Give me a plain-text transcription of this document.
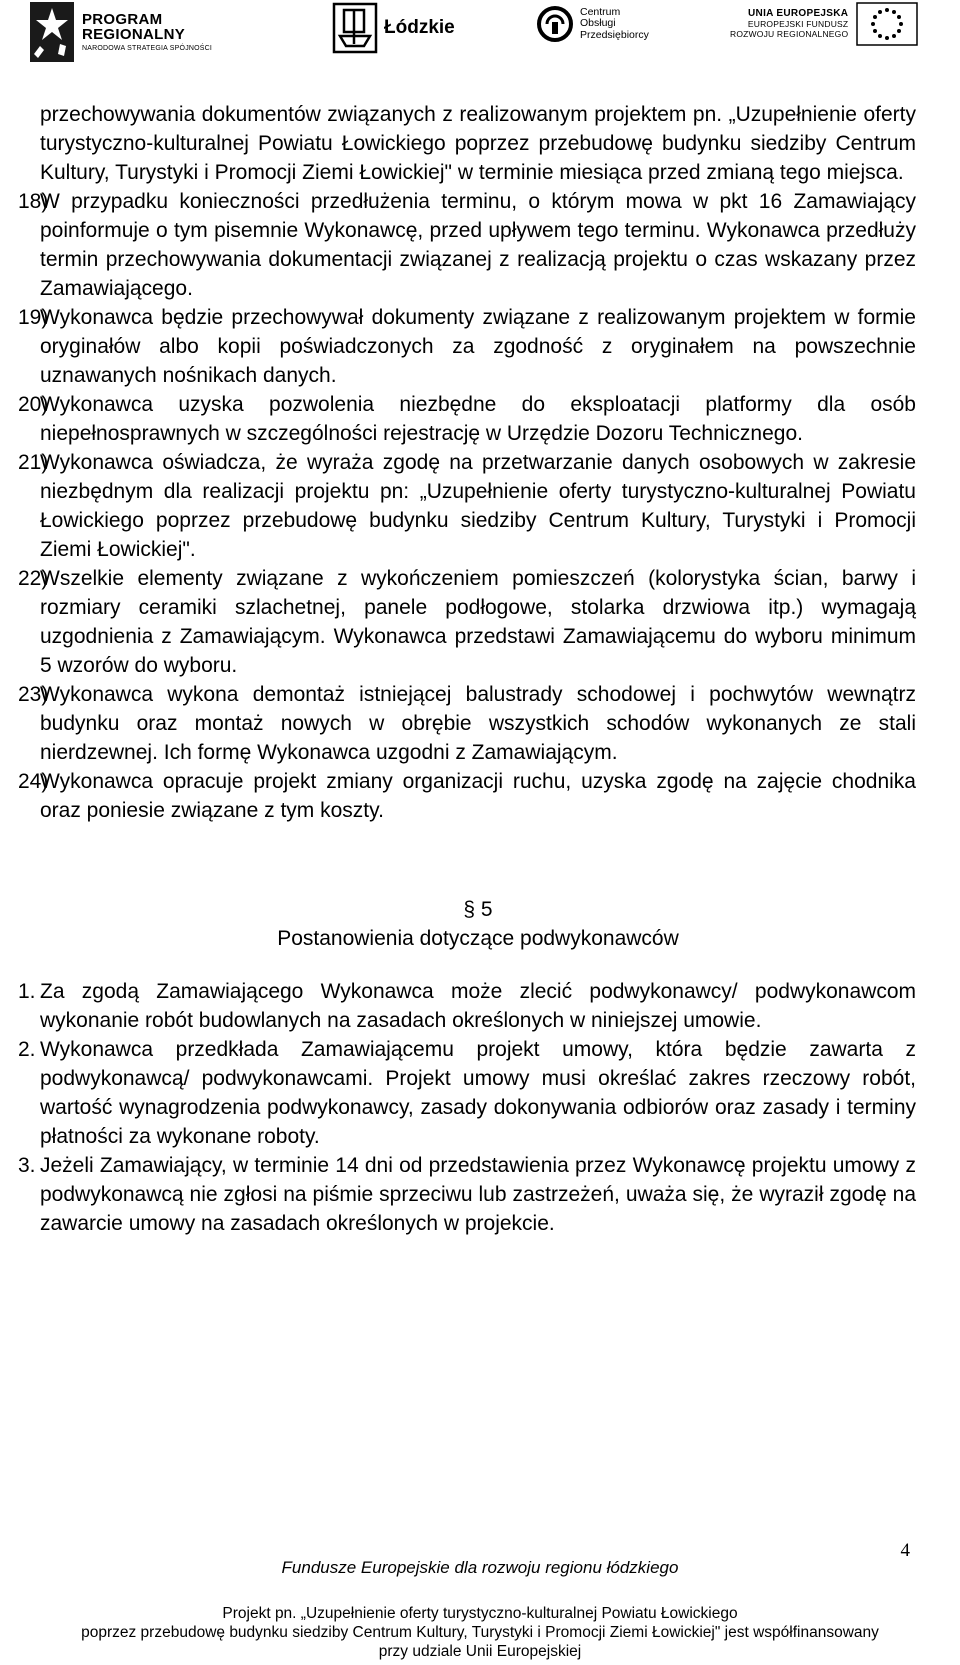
PROGRAM
REGIONALNY
NARODOWA STRATEGIA SPÓJNOŚCI
Łódzkie
Centrum
Obsługi
Przedsiębiorcy
UNIA EUROPEJSKA
EUROPEJSKI FUNDUSZ
ROZWOJU REGIONALNEGO

przechowywania dokumentów związanych z realizowanym projektem pn. „Uzupełnienie oferty turystyczno-kulturalnej Powiatu Łowickiego poprzez przebudowę budynku siedziby Centrum Kultury, Turystyki i Promocji Ziemi Łowickiej" w terminie miesiąca przed zmianą tego miejsca.

18)
W przypadku konieczności przedłużenia terminu, o którym mowa w pkt 16 Zamawiający poinformuje o tym pisemnie Wykonawcę, przed upływem tego terminu. Wykonawca przedłuży termin przechowywania dokumentacji związanej z realizacją projektu o czas wskazany przez Zamawiającego.
19)
Wykonawca będzie przechowywał dokumenty związane z realizowanym projektem w formie oryginałów albo kopii poświadczonych za zgodność z oryginałem na powszechnie uznawanych nośnikach danych.
20)
Wykonawca uzyska pozwolenia niezbędne do eksploatacji platformy dla osób niepełnosprawnych w szczególności rejestrację w Urzędzie Dozoru Technicznego.
21)
Wykonawca oświadcza, że wyraża zgodę na przetwarzanie danych osobowych w zakresie niezbędnym dla realizacji projektu pn: „Uzupełnienie oferty turystyczno-kulturalnej Powiatu Łowickiego poprzez przebudowę budynku siedziby Centrum Kultury, Turystyki i Promocji Ziemi Łowickiej".
22)
Wszelkie elementy związane z wykończeniem pomieszczeń (kolorystyka ścian, barwy i rozmiary ceramiki szlachetnej, panele podłogowe, stolarka drzwiowa itp.) wymagają uzgodnienia z Zamawiającym. Wykonawca przedstawi Zamawiającemu do wyboru minimum 5 wzorów do wyboru.
23)
Wykonawca wykona demontaż istniejącej balustrady schodowej i pochwytów wewnątrz budynku oraz montaż nowych w obrębie wszystkich schodów wykonanych ze stali nierdzewnej. Ich formę Wykonawca uzgodni z Zamawiającym.
24)
Wykonawca opracuje projekt zmiany organizacji ruchu, uzyska zgodę na zajęcie chodnika oraz poniesie związane z tym koszty.
§ 5
Postanowienia dotyczące podwykonawców
1. Za zgodą Zamawiającego Wykonawca może zlecić podwykonawcy/ podwykonawcom wykonanie robót budowlanych na zasadach określonych w niniejszej umowie.
2. Wykonawca przedkłada Zamawiającemu projekt umowy, która będzie zawarta z podwykonawcą/ podwykonawcami. Projekt umowy musi określać zakres rzeczowy robót, wartość wynagrodzenia podwykonawcy, zasady dokonywania odbiorów oraz zasady i terminy płatności za wykonane roboty.
3. Jeżeli Zamawiający, w terminie 14 dni od przedstawienia przez Wykonawcę projektu umowy z podwykonawcą nie zgłosi na piśmie sprzeciwu lub zastrzeżeń, uważa się, że wyraził zgodę na zawarcie umowy na zasadach określonych w projekcie.
4
Fundusze Europejskie dla rozwoju regionu łódzkiego
Projekt pn. „Uzupełnienie oferty turystyczno-kulturalnej Powiatu Łowickiego
poprzez przebudowę budynku siedziby Centrum Kultury, Turystyki i Promocji Ziemi Łowickiej" jest współfinansowany
przy udziale Unii Europejskiej
